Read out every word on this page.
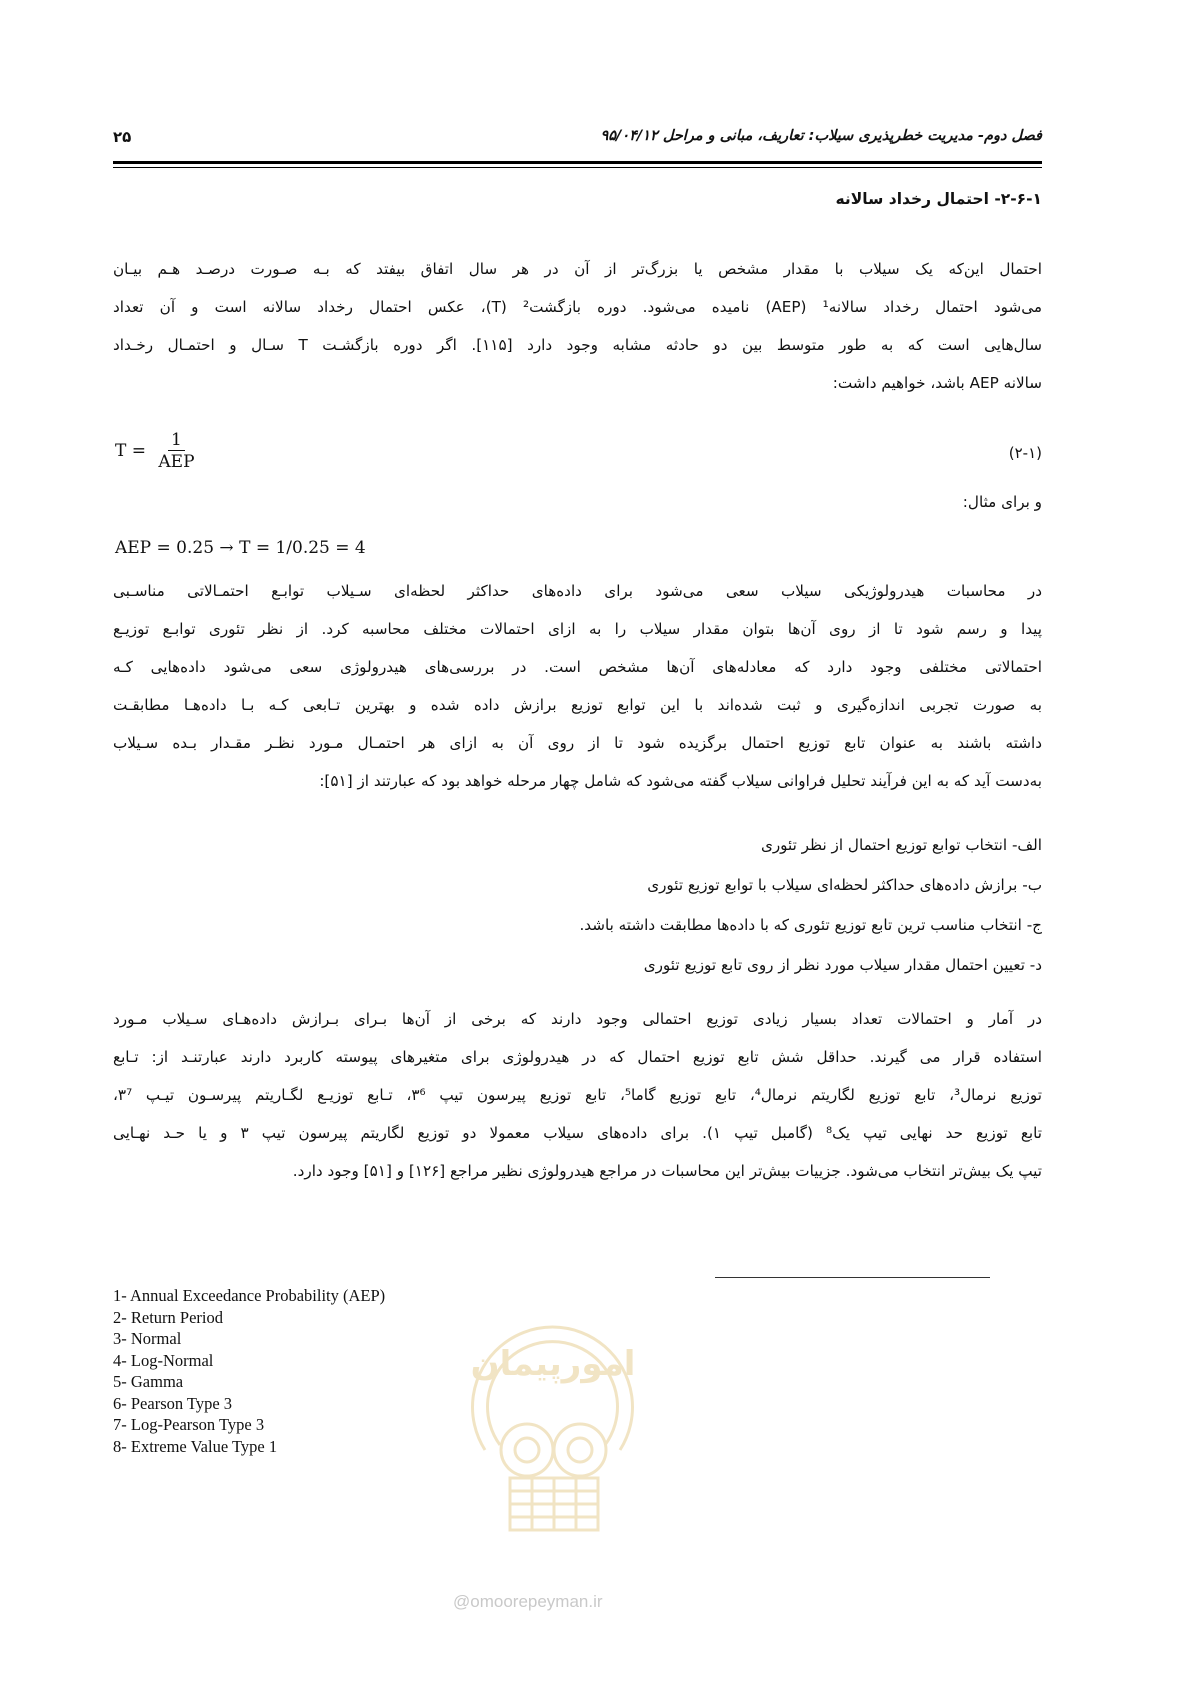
فصل دوم- مدیریت خطرپذیری سیلاب: تعاریف، مبانی و مراحل ۹۵/۰۴/۱۲
۲۵
۲-۶-۱- احتمال رخداد سالانه
احتمال این‌که یک سیلاب با مقدار مشخص یا بزرگ‌تر از آن در هر سال اتفاق بیفتد که بـه صـورت درصـد هـم بیـان
می‌شود احتمال رخداد سالانه¹ (AEP) نامیده می‌شود. دوره بازگشت² (T)، عکس احتمال رخداد سالانه است و آن تعداد
سال‌هایی است که به طور متوسط بین دو حادثه مشابه وجود دارد [۱۱۵]. اگر دوره بازگشـت T سـال و احتمـال رخـداد
سالانه AEP باشد، خواهیم داشت:
$T = \frac{1}{\text{AEP}}$	(۲-۱)
و برای مثال:
AEP = 0.25 → T = 1/0.25 = 4
در محاسبات هیدرولوژیکی سیلاب سعی می‌شود برای داده‌های حداکثر لحظه‌ای سـیلاب توابـع احتمـالاتی مناسـبی
پیدا و رسم شود تا از روی آن‌ها بتوان مقدار سیلاب را به ازای احتمالات مختلف محاسبه کرد. از نظر تئوری توابـع توزیـع
احتمالاتی مختلفی وجود دارد که معادله‌های آن‌ها مشخص است. در بررسی‌های هیدرولوژی سعی می‌شود داده‌هایی کـه
به صورت تجربی اندازه‌گیری و ثبت شده‌اند با این توابع توزیع برازش داده شده و بهترین تـابعی کـه بـا داده‌هـا مطابقـت
داشته باشند به عنوان تابع توزیع احتمال برگزیده شود تا از روی آن به ازای هر احتمـال مـورد نظـر مقـدار بـده سـیلاب
به‌دست آید که به این فرآیند تحلیل فراوانی سیلاب گفته می‌شود که شامل چهار مرحله خواهد بود که عبارتند از [۵۱]:
الف- انتخاب توابع توزیع احتمال از نظر تئوری
ب- برازش داده‌های حداکثر لحظه‌ای سیلاب با توابع توزیع تئوری
ج- انتخاب مناسب ترین تابع توزیع تئوری که با داده‌ها مطابقت داشته باشد.
د- تعیین احتمال مقدار سیلاب مورد نظر از روی تابع توزیع تئوری
در آمار و احتمالات تعداد بسیار زیادی توزیع احتمالی وجود دارند که برخی از آن‌ها بـرای بـرازش داده‌هـای سـیلاب مـورد
استفاده قرار می گیرند. حداقل شش تابع توزیع احتمال که در هیدرولوژی برای متغیرهای پیوسته کاربرد دارند عبارتنـد از: تـابع
توزیع نرمال³، تابع توزیع لگاریتم نرمال⁴، تابع توزیع گاما⁵، تابع توزیع پیرسون تیپ ۳⁶، تـابع توزیـع لگـاریتم پیرسـون تیـپ ۳⁷،
تابع توزیع حد نهایی تیپ یک⁸ (گامبل تیپ ۱). برای داده‌های سیلاب معمولا دو توزیع لگاریتم پیرسون تیپ ۳ و یا حـد نهـایی
تیپ یک بیش‌تر انتخاب می‌شود. جزییات بیش‌تر این محاسبات در مراجع هیدرولوژی نظیر مراجع [۱۲۶] و [۵۱] وجود دارد.
1- Annual Exceedance Probability (AEP)
2- Return Period
3- Normal
4- Log-Normal
5- Gamma
6- Pearson Type 3
7- Log-Pearson Type 3
8- Extreme Value Type 1
امورپیمان
@omoorepeyman.ir
